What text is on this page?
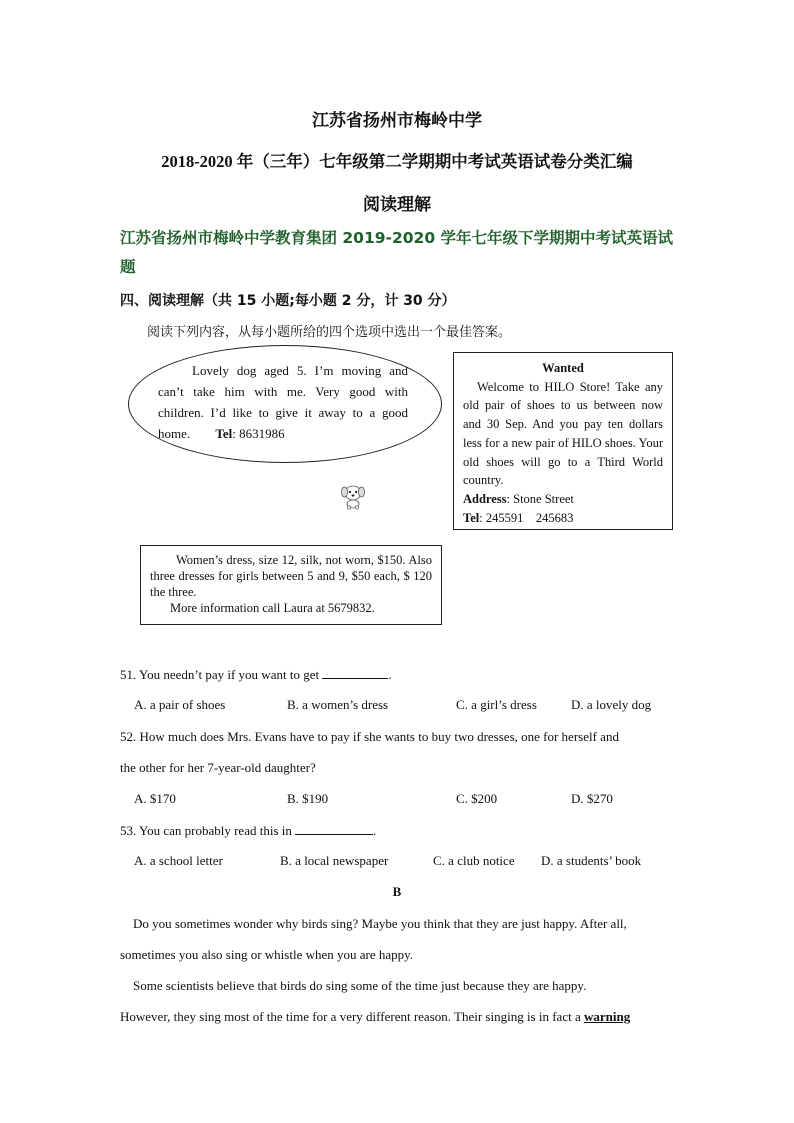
江苏省扬州市梅岭中学
2018-2020 年（三年）七年级第二学期期中考试英语试卷分类汇编
阅读理解
江苏省扬州市梅岭中学教育集团 2019-2020 学年七年级下学期期中考试英语试
题
四、阅读理解（共 15 小题;每小题 2 分，计 30 分）
阅读下列内容，从每小题所给的四个选项中选出一个最佳答案。
Lovely dog aged 5. I’m moving and can’t take him with me. Very good with children. I’d like to give it away to a good home. Tel: 8631986
Wanted
Welcome to HILO Store! Take any old pair of shoes to us between now and 30 Sep. And you pay ten dollars less for a new pair of HILO shoes. Your old shoes will go to a Third World country.
Address: Stone Street
Tel: 245591    245683
Women’s dress, size 12, silk, not worn, $150. Also three dresses for girls between 5 and 9, $50 each, $ 120 the three.
More information call Laura at 5679832.
51. You needn’t pay if you want to get	.
A. a pair of shoes	B. a women’s dress	C. a girl’s dress	D. a lovely dog
52. How much does Mrs. Evans have to pay if she wants to buy two dresses, one for herself and
the other for her 7-year-old daughter?
A. $170	B. $190	C. $200	D. $270
53. You can probably read this in	.
A. a school letter	B. a local newspaper	C. a club notice D. a students’ book
B
Do you sometimes wonder why birds sing? Maybe you think that they are just happy. After all,
sometimes you also sing or whistle when you are happy.
Some scientists believe that birds do sing some of the time just because they are happy.
However, they sing most of the time for a very different reason. Their singing is in fact a warning
